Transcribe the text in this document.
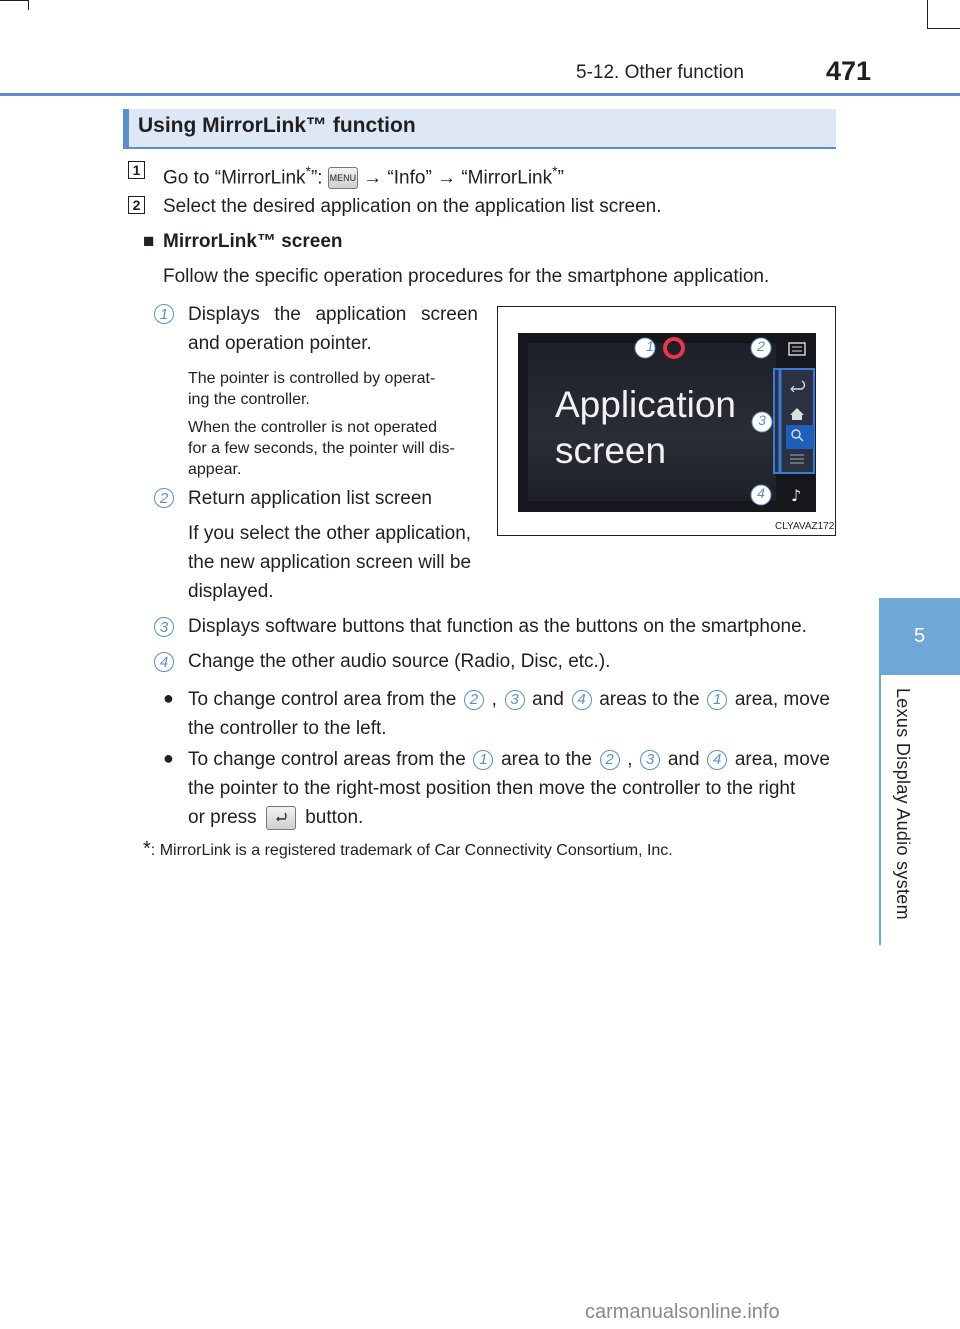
5-12. Other function	471
5
Lexus Display Audio system
Using MirrorLink™ function
1 Go to “MirrorLink*”: MENU → “Info” → “MirrorLink*”
2 Select the desired application on the application list screen.
■ MirrorLink™ screen
Follow the specific operation procedures for the smartphone application.
1	Displays the application screen
and operation pointer.
The pointer is controlled by operat-
ing the controller.
When the controller is not operated
for a few seconds, the pointer will dis-
appear.
2	Return application list screen
If you select the other application,
the new application screen will be
displayed.
3	Displays software buttons that function as the buttons on the smartphone.
4	Change the other audio source (Radio, Disc, etc.).
● To change control area from the 2 , 3 and 4 areas to the 1 area, move
the controller to the left.
● To change control areas from the 1 area to the 2 , 3 and 4 area, move
the pointer to the right-most position then move the controller to the right
or press	button.
Application
screen
♪
1	2
3
4
CLYAVAZ172
*: MirrorLink is a registered trademark of Car Connectivity Consortium, Inc.
carmanualsonline.info
